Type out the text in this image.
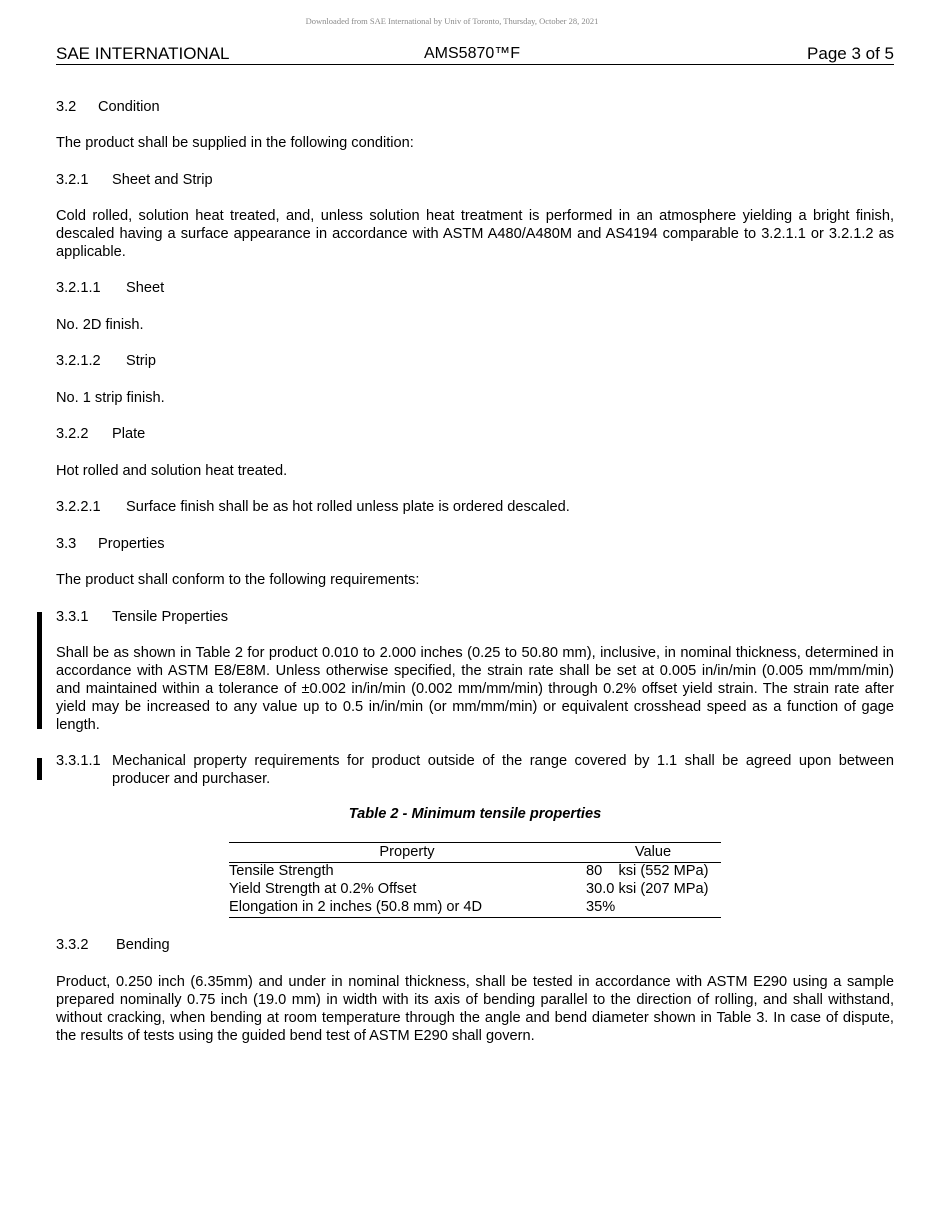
Downloaded from SAE International by Univ of Toronto, Thursday, October 28, 2021
SAE INTERNATIONAL	AMS5870™F	Page 3 of 5
3.2 Condition
The product shall be supplied in the following condition:
3.2.1 Sheet and Strip
Cold rolled, solution heat treated, and, unless solution heat treatment is performed in an atmosphere yielding a bright finish, descaled having a surface appearance in accordance with ASTM A480/A480M and AS4194 comparable to 3.2.1.1 or 3.2.1.2 as applicable.
3.2.1.1 Sheet
No. 2D finish.
3.2.1.2 Strip
No. 1 strip finish.
3.2.2 Plate
Hot rolled and solution heat treated.
3.2.2.1 Surface finish shall be as hot rolled unless plate is ordered descaled.
3.3 Properties
The product shall conform to the following requirements:
3.3.1 Tensile Properties
Shall be as shown in Table 2 for product 0.010 to 2.000 inches (0.25 to 50.80 mm), inclusive, in nominal thickness, determined in accordance with ASTM E8/E8M. Unless otherwise specified, the strain rate shall be set at 0.005 in/in/min (0.005 mm/mm/min) and maintained within a tolerance of ±0.002 in/in/min (0.002 mm/mm/min) through 0.2% offset yield strain. The strain rate after yield may be increased to any value up to 0.5 in/in/min (or mm/mm/min) or equivalent crosshead speed as a function of gage length.
3.3.1.1 Mechanical property requirements for product outside of the range covered by 1.1 shall be agreed upon between producer and purchaser.
Table 2 - Minimum tensile properties
Property	Value
Tensile Strength	80    ksi (552 MPa)
Yield Strength at 0.2% Offset	30.0 ksi (207 MPa)
Elongation in 2 inches (50.8 mm) or 4D	35%
3.3.2 Bending
Product, 0.250 inch (6.35mm) and under in nominal thickness, shall be tested in accordance with ASTM E290 using a sample prepared nominally 0.75 inch (19.0 mm) in width with its axis of bending parallel to the direction of rolling, and shall withstand, without cracking, when bending at room temperature through the angle and bend diameter shown in Table 3. In case of dispute, the results of tests using the guided bend test of ASTM E290 shall govern.
